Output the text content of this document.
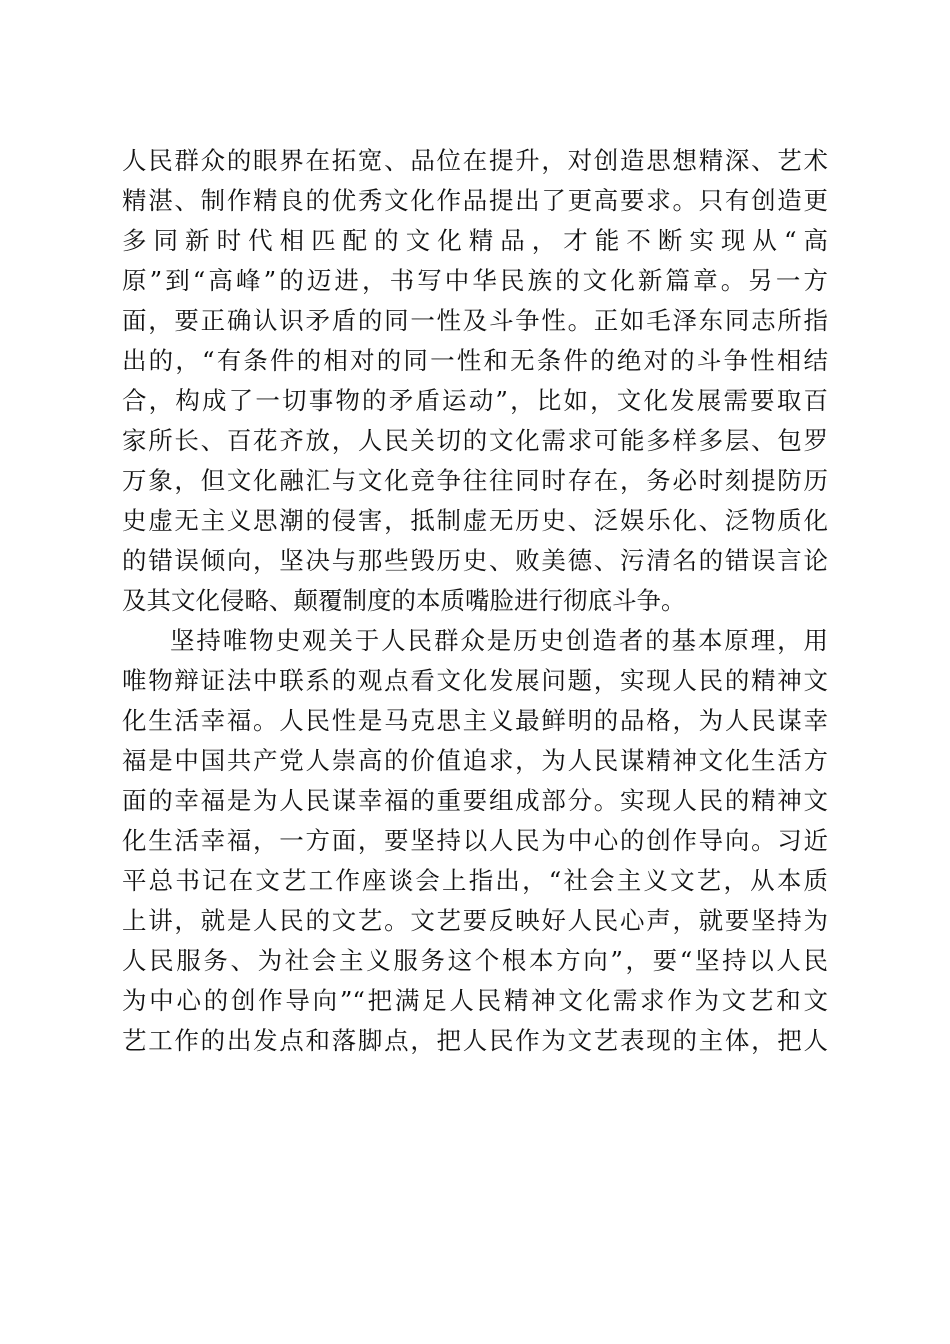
人民群众的眼界在拓宽、品位在提升，对创造思想精深、艺术
精湛、制作精良的优秀文化作品提出了更高要求。只有创造更
多同新时代相匹配的文化精品，才能不断实现从“高
原”到“高峰”的迈进，书写中华民族的文化新篇章。另一方
面，要正确认识矛盾的同一性及斗争性。正如毛泽东同志所指
出的，“有条件的相对的同一性和无条件的绝对的斗争性相结
合，构成了一切事物的矛盾运动”，比如，文化发展需要取百
家所长、百花齐放，人民关切的文化需求可能多样多层、包罗
万象，但文化融汇与文化竞争往往同时存在，务必时刻提防历
史虚无主义思潮的侵害，抵制虚无历史、泛娱乐化、泛物质化
的错误倾向，坚决与那些毁历史、败美德、污清名的错误言论
及其文化侵略、颠覆制度的本质嘴脸进行彻底斗争。
坚持唯物史观关于人民群众是历史创造者的基本原理，用
唯物辩证法中联系的观点看文化发展问题，实现人民的精神文
化生活幸福。人民性是马克思主义最鲜明的品格，为人民谋幸
福是中国共产党人崇高的价值追求，为人民谋精神文化生活方
面的幸福是为人民谋幸福的重要组成部分。实现人民的精神文
化生活幸福，一方面，要坚持以人民为中心的创作导向。习近
平总书记在文艺工作座谈会上指出，“社会主义文艺，从本质
上讲，就是人民的文艺。文艺要反映好人民心声，就要坚持为
人民服务、为社会主义服务这个根本方向”，要“坚持以人民
为中心的创作导向”“把满足人民精神文化需求作为文艺和文
艺工作的出发点和落脚点，把人民作为文艺表现的主体，把人
